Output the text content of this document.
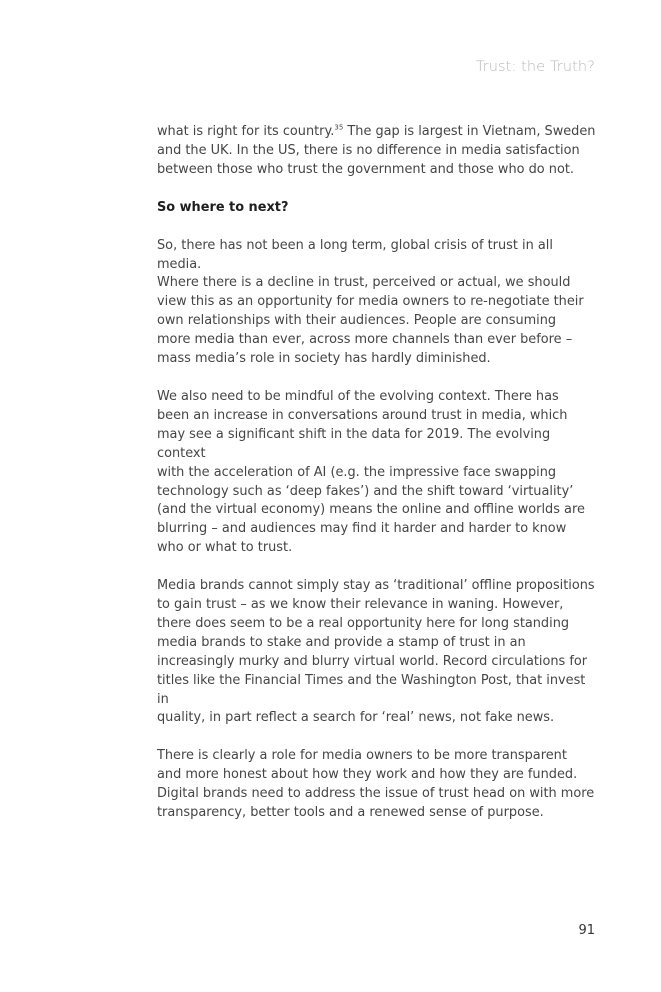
Trust: the Truth?

what is right for its country.$^{35}$ The gap is largest in Vietnam, Sweden
and the UK. In the US, there is no difference in media satisfaction
between those who trust the government and those who do not.

So where to next?

So, there has not been a long term, global crisis of trust in all media.
Where there is a decline in trust, perceived or actual, we should
view this as an opportunity for media owners to re-negotiate their
own relationships with their audiences. People are consuming
more media than ever, across more channels than ever before –
mass media’s role in society has hardly diminished.

We also need to be mindful of the evolving context. There has
been an increase in conversations around trust in media, which
may see a significant shift in the data for 2019. The evolving context
with the acceleration of AI (e.g. the impressive face swapping
technology such as ‘deep fakes’) and the shift toward ‘virtuality’
(and the virtual economy) means the online and offline worlds are
blurring – and audiences may find it harder and harder to know
who or what to trust.

Media brands cannot simply stay as ‘traditional’ offline propositions
to gain trust – as we know their relevance in waning. However,
there does seem to be a real opportunity here for long standing
media brands to stake and provide a stamp of trust in an
increasingly murky and blurry virtual world. Record circulations for
titles like the Financial Times and the Washington Post, that invest in
quality, in part reflect a search for ‘real’ news, not fake news.

There is clearly a role for media owners to be more transparent
and more honest about how they work and how they are funded.
Digital brands need to address the issue of trust head on with more
transparency, better tools and a renewed sense of purpose.

91
